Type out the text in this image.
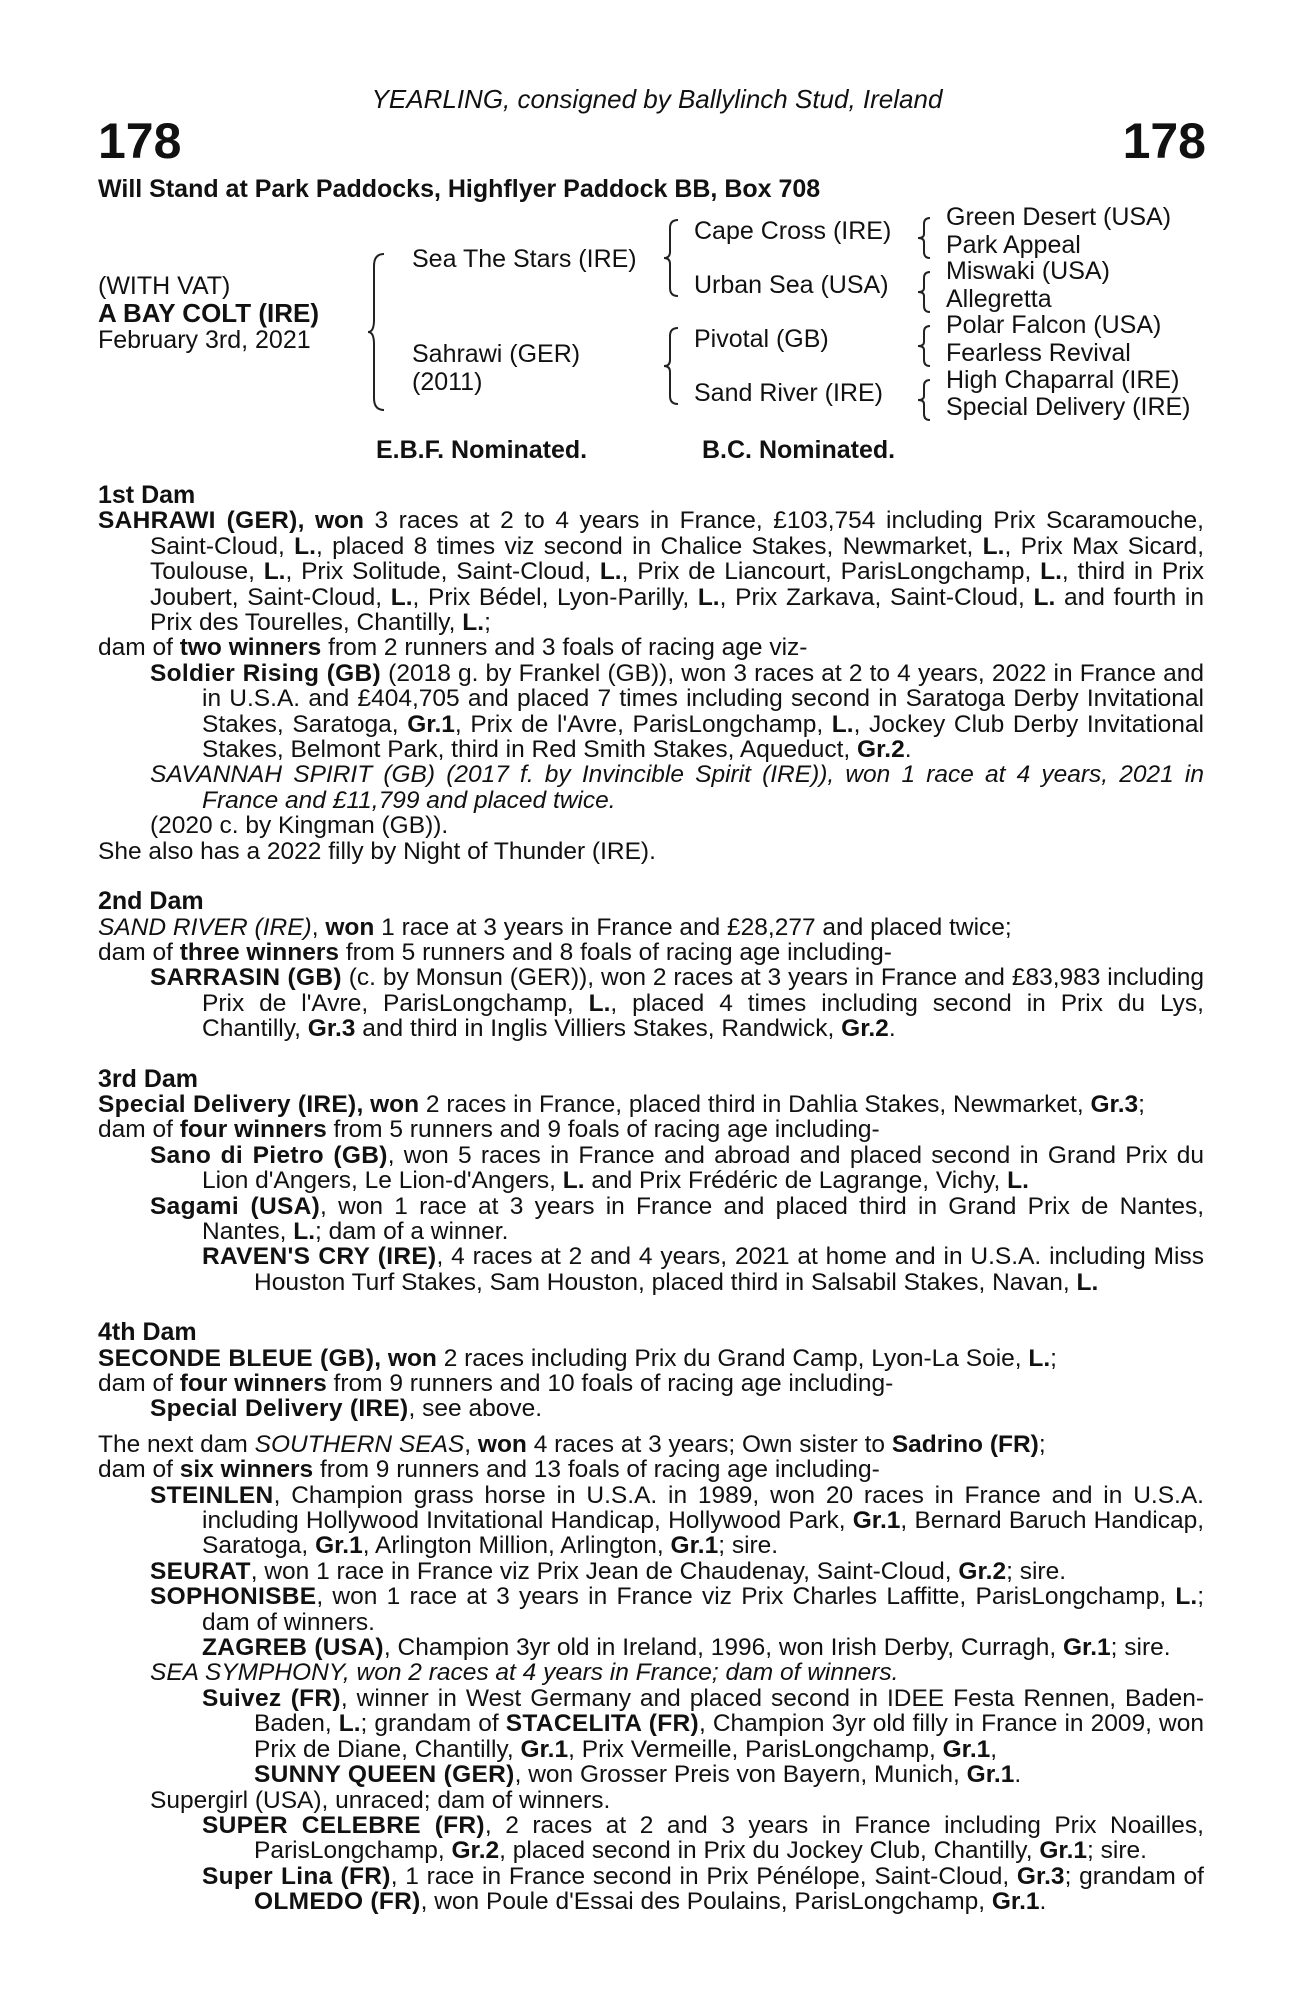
YEARLING, consigned by Ballylinch Stud, Ireland
178	178
Will Stand at Park Paddocks, Highflyer Paddock BB, Box 708
(WITH VAT)
A BAY COLT (IRE)
February 3rd, 2021
Sea The Stars (IRE)
Sahrawi (GER)
(2011)
Cape Cross (IRE)
Urban Sea (USA)
Pivotal (GB)
Sand River (IRE)
Green Desert (USA)
Park Appeal
Miswaki (USA)
Allegretta
Polar Falcon (USA)
Fearless Revival
High Chaparral (IRE)
Special Delivery (IRE)
E.B.F. Nominated.	B.C. Nominated.

1st Dam

SAHRAWI (GER), won 3 races at 2 to 4 years in France, £103,754 including Prix Scaramouche, Saint-Cloud, L., placed 8 times viz second in Chalice Stakes, Newmarket, L., Prix Max Sicard, Toulouse, L., Prix Solitude, Saint-Cloud, L., Prix de Liancourt, ParisLongchamp, L., third in Prix Joubert, Saint-Cloud, L., Prix Bédel, Lyon-Parilly, L., Prix Zarkava, Saint-Cloud, L. and fourth in Prix des Tourelles, Chantilly, L.;

dam of two winners from 2 runners and 3 foals of racing age viz-

Soldier Rising (GB) (2018 g. by Frankel (GB)), won 3 races at 2 to 4 years, 2022 in France and in U.S.A. and £404,705 and placed 7 times including second in Saratoga Derby Invitational Stakes, Saratoga, Gr.1, Prix de l'Avre, ParisLongchamp, L., Jockey Club Derby Invitational Stakes, Belmont Park, third in Red Smith Stakes, Aqueduct, Gr.2.

SAVANNAH SPIRIT (GB) (2017 f. by Invincible Spirit (IRE)), won 1 race at 4 years, 2021 in France and £11,799 and placed twice.

(2020 c. by Kingman (GB)).

She also has a 2022 filly by Night of Thunder (IRE).

2nd Dam

SAND RIVER (IRE), won 1 race at 3 years in France and £28,277 and placed twice;

dam of three winners from 5 runners and 8 foals of racing age including-

SARRASIN (GB) (c. by Monsun (GER)), won 2 races at 3 years in France and £83,983 including Prix de l'Avre, ParisLongchamp, L., placed 4 times including second in Prix du Lys, Chantilly, Gr.3 and third in Inglis Villiers Stakes, Randwick, Gr.2.

3rd Dam

Special Delivery (IRE), won 2 races in France, placed third in Dahlia Stakes, Newmarket, Gr.3;

dam of four winners from 5 runners and 9 foals of racing age including-

Sano di Pietro (GB), won 5 races in France and abroad and placed second in Grand Prix du Lion d'Angers, Le Lion-d'Angers, L. and Prix Frédéric de Lagrange, Vichy, L.

Sagami (USA), won 1 race at 3 years in France and placed third in Grand Prix de Nantes, Nantes, L.; dam of a winner.

RAVEN'S CRY (IRE), 4 races at 2 and 4 years, 2021 at home and in U.S.A. including Miss Houston Turf Stakes, Sam Houston, placed third in Salsabil Stakes, Navan, L.

4th Dam

SECONDE BLEUE (GB), won 2 races including Prix du Grand Camp, Lyon-La Soie, L.;

dam of four winners from 9 runners and 10 foals of racing age including-

Special Delivery (IRE), see above.

The next dam SOUTHERN SEAS, won 4 races at 3 years; Own sister to Sadrino (FR);

dam of six winners from 9 runners and 13 foals of racing age including-

STEINLEN, Champion grass horse in U.S.A. in 1989, won 20 races in France and in U.S.A. including Hollywood Invitational Handicap, Hollywood Park, Gr.1, Bernard Baruch Handicap, Saratoga, Gr.1, Arlington Million, Arlington, Gr.1; sire.

SEURAT, won 1 race in France viz Prix Jean de Chaudenay, Saint-Cloud, Gr.2; sire.

SOPHONISBE, won 1 race at 3 years in France viz Prix Charles Laffitte, ParisLongchamp, L.; dam of winners.

ZAGREB (USA), Champion 3yr old in Ireland, 1996, won Irish Derby, Curragh, Gr.1; sire.

SEA SYMPHONY, won 2 races at 4 years in France; dam of winners.

Suivez (FR), winner in West Germany and placed second in IDEE Festa Rennen, Baden-Baden, L.; grandam of STACELITA (FR), Champion 3yr old filly in France in 2009, won Prix de Diane, Chantilly, Gr.1, Prix Vermeille, ParisLongchamp, Gr.1,
SUNNY QUEEN (GER), won Grosser Preis von Bayern, Munich, Gr.1.

Supergirl (USA), unraced; dam of winners.

SUPER CELEBRE (FR), 2 races at 2 and 3 years in France including Prix Noailles, ParisLongchamp, Gr.2, placed second in Prix du Jockey Club, Chantilly, Gr.1; sire.

Super Lina (FR), 1 race in France second in Prix Pénélope, Saint-Cloud, Gr.3; grandam of OLMEDO (FR), won Poule d'Essai des Poulains, ParisLongchamp, Gr.1.
